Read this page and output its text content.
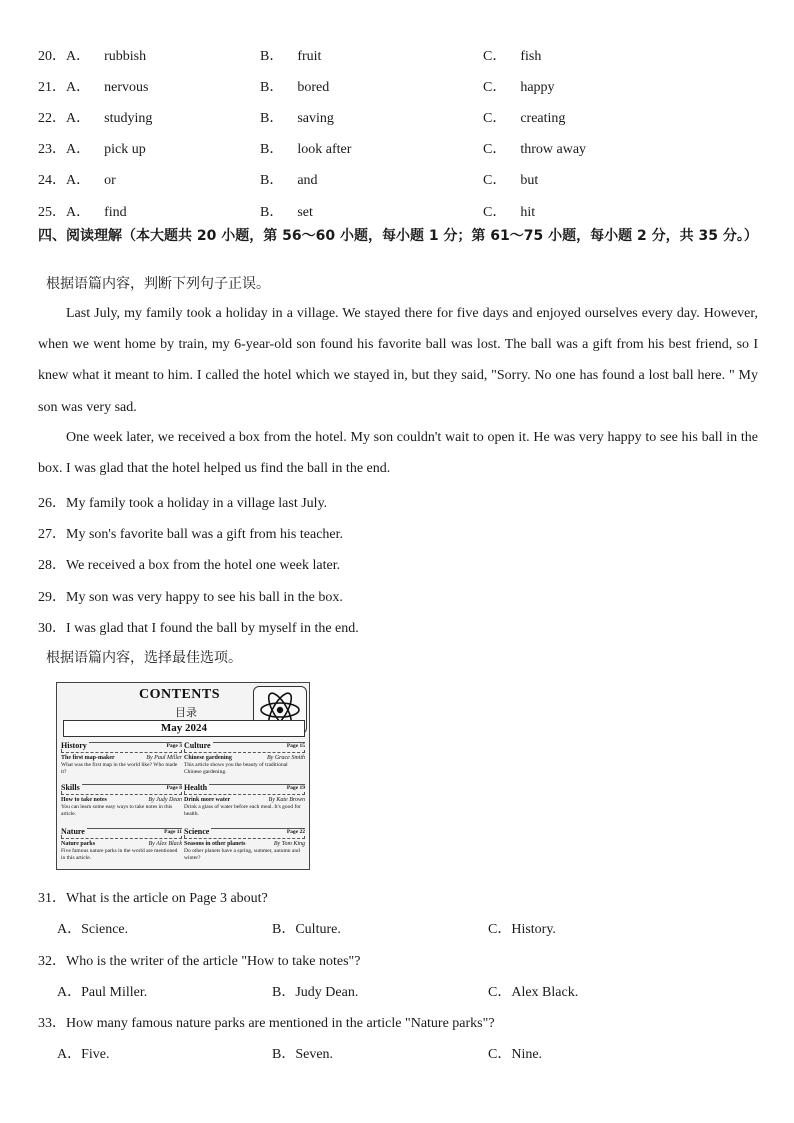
20．A． rubbish	B． fruit	C． fish
21．A． nervous	B． bored	C． happy
22．A． studying	B． saving	C． creating
23．A． pick up	B． look after	C． throw away
24．A． or	B． and	C． but
25．A． find	B． set	C． hit
四、阅读理解（本大题共 20 小题，第 56～60 小题，每小题 1 分；第 61～75 小题，每小题 2 分，共 35 分。）
根据语篇内容，判断下列句子正误。
Last July, my family took a holiday in a village. We stayed there for five days and enjoyed ourselves every day. However, when we went home by train, my 6-year-old son found his favorite ball was lost. The ball was a gift from his best friend, so I knew what it meant to him. I called the hotel which we stayed in, but they said, "Sorry. No one has found a lost ball here. " My son was very sad.
One week later, we received a box from the hotel. My son couldn't wait to open it. He was very happy to see his ball in the box. I was glad that the hotel helped us find the ball in the end.
26．My family took a holiday in a village last July.
27．My son's favorite ball was a gift from his teacher.
28．We received a box from the hotel one week later.
29．My son was very happy to see his ball in the box.
30．I was glad that I found the ball by myself in the end.
根据语篇内容，选择最佳选项。
CONTENTS
目录
May 2024
History	Page 3
The first map-maker	By Paul Miller
What was the first map in the world like? Who made it?
Culture	Page 15
Chinese gardening	By Grace Smith
This article shows you the beauty of traditional Chinese gardening.
Skills	Page 8
How to take notes	By Judy Dean
You can learn some easy ways to take notes in this article.
Health	Page 19
Drink more water	By Kate Brown
Drink a glass of water before each meal. It's good for health.
Nature	Page 11
Nature parks	By Alex Black
Five famous nature parks in the world are mentioned in this article.
Science	Page 22
Seasons in other planets	By Tom King
Do other planets have a spring, summer, autumn and winter?
31．What is the article on Page 3 about?
A．Science.	B．Culture.	C．History.
32．Who is the writer of the article "How to take notes"?
A．Paul Miller.	B．Judy Dean.	C．Alex Black.
33．How many famous nature parks are mentioned in the article "Nature parks"?
A．Five.	B．Seven.	C．Nine.
